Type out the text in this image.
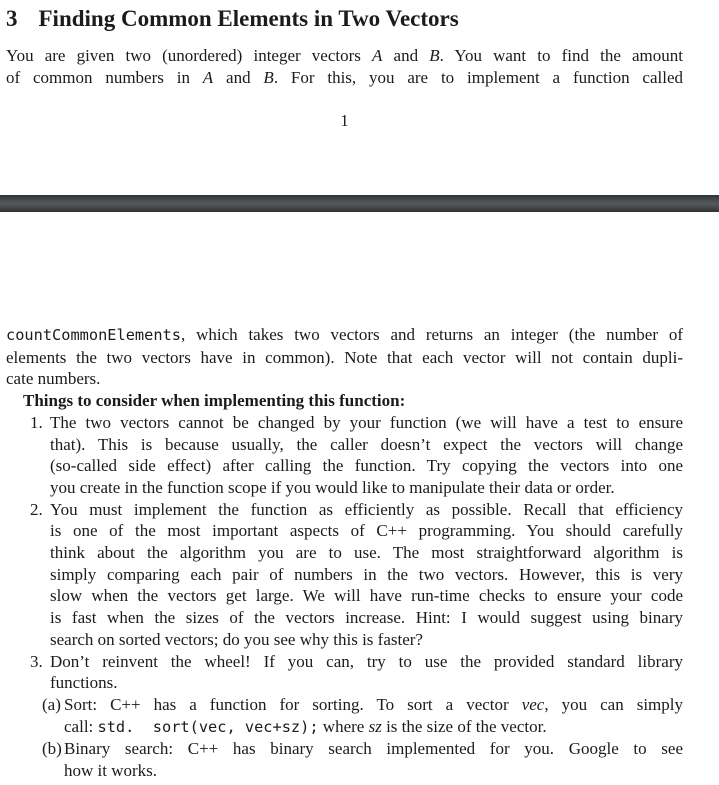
3 Finding Common Elements in Two Vectors
You are given two (unordered) integer vectors A and B. You want to find the amount
of common numbers in A and B. For this, you are to implement a function called
1
countCommonElements, which takes two vectors and returns an integer (the number of
elements the two vectors have in common). Note that each vector will not contain dupli-
cate numbers.
Things to consider when implementing this function:
1. The two vectors cannot be changed by your function (we will have a test to ensure
that). This is because usually, the caller doesn’t expect the vectors will change
(so-called side effect) after calling the function. Try copying the vectors into one
you create in the function scope if you would like to manipulate their data or order.
2. You must implement the function as efficiently as possible. Recall that efficiency
is one of the most important aspects of C++ programming. You should carefully
think about the algorithm you are to use. The most straightforward algorithm is
simply comparing each pair of numbers in the two vectors. However, this is very
slow when the vectors get large. We will have run-time checks to ensure your code
is fast when the sizes of the vectors increase. Hint: I would suggest using binary
search on sorted vectors; do you see why this is faster?
3. Don’t reinvent the wheel! If you can, try to use the provided standard library
functions.
(a) Sort: C++ has a function for sorting. To sort a vector vec, you can simply
call: std.  sort(vec, vec+sz); where sz is the size of the vector.
(b) Binary search: C++ has binary search implemented for you. Google to see
how it works.
